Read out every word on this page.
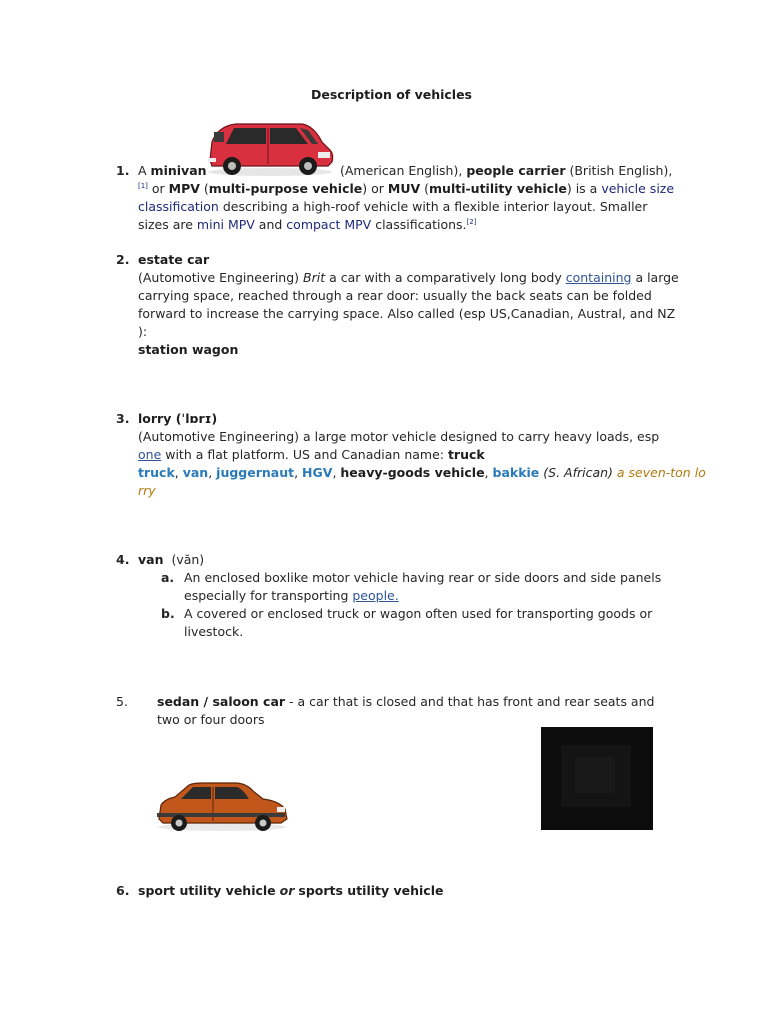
Description of vehicles
1. A minivan	(American English), people carrier (British English),
[1] or MPV (multi-purpose vehicle) or MUV (multi-utility vehicle) is a vehicle size
classification describing a high-roof vehicle with a flexible interior layout. Smaller
sizes are mini MPV and compact MPV classifications.[2]
2. estate car
(Automotive Engineering) Brit a car with a comparatively long body containing a large
carrying space, reached through a rear door: usually the back seats can be folded
forward to increase the carrying space. Also called (esp US,Canadian, Austral, and NZ
):
station wagon
3. lorry (ˈlɒrɪ)
(Automotive Engineering) a large motor vehicle designed to carry heavy loads, esp
one with a flat platform. US and Canadian name: truck
truck, van, juggernaut, HGV, heavy-goods vehicle, bakkie (S. African) a seven-ton lo
rry
4. van (văn)
a. An enclosed boxlike motor vehicle having rear or side doors and side panels
especially for transporting people.
b. A covered or enclosed truck or wagon often used for transporting goods or
livestock.
5. sedan / saloon car - a car that is closed and that has front and rear seats and
two or four doors
6. sport utility vehicle or sports utility vehicle
